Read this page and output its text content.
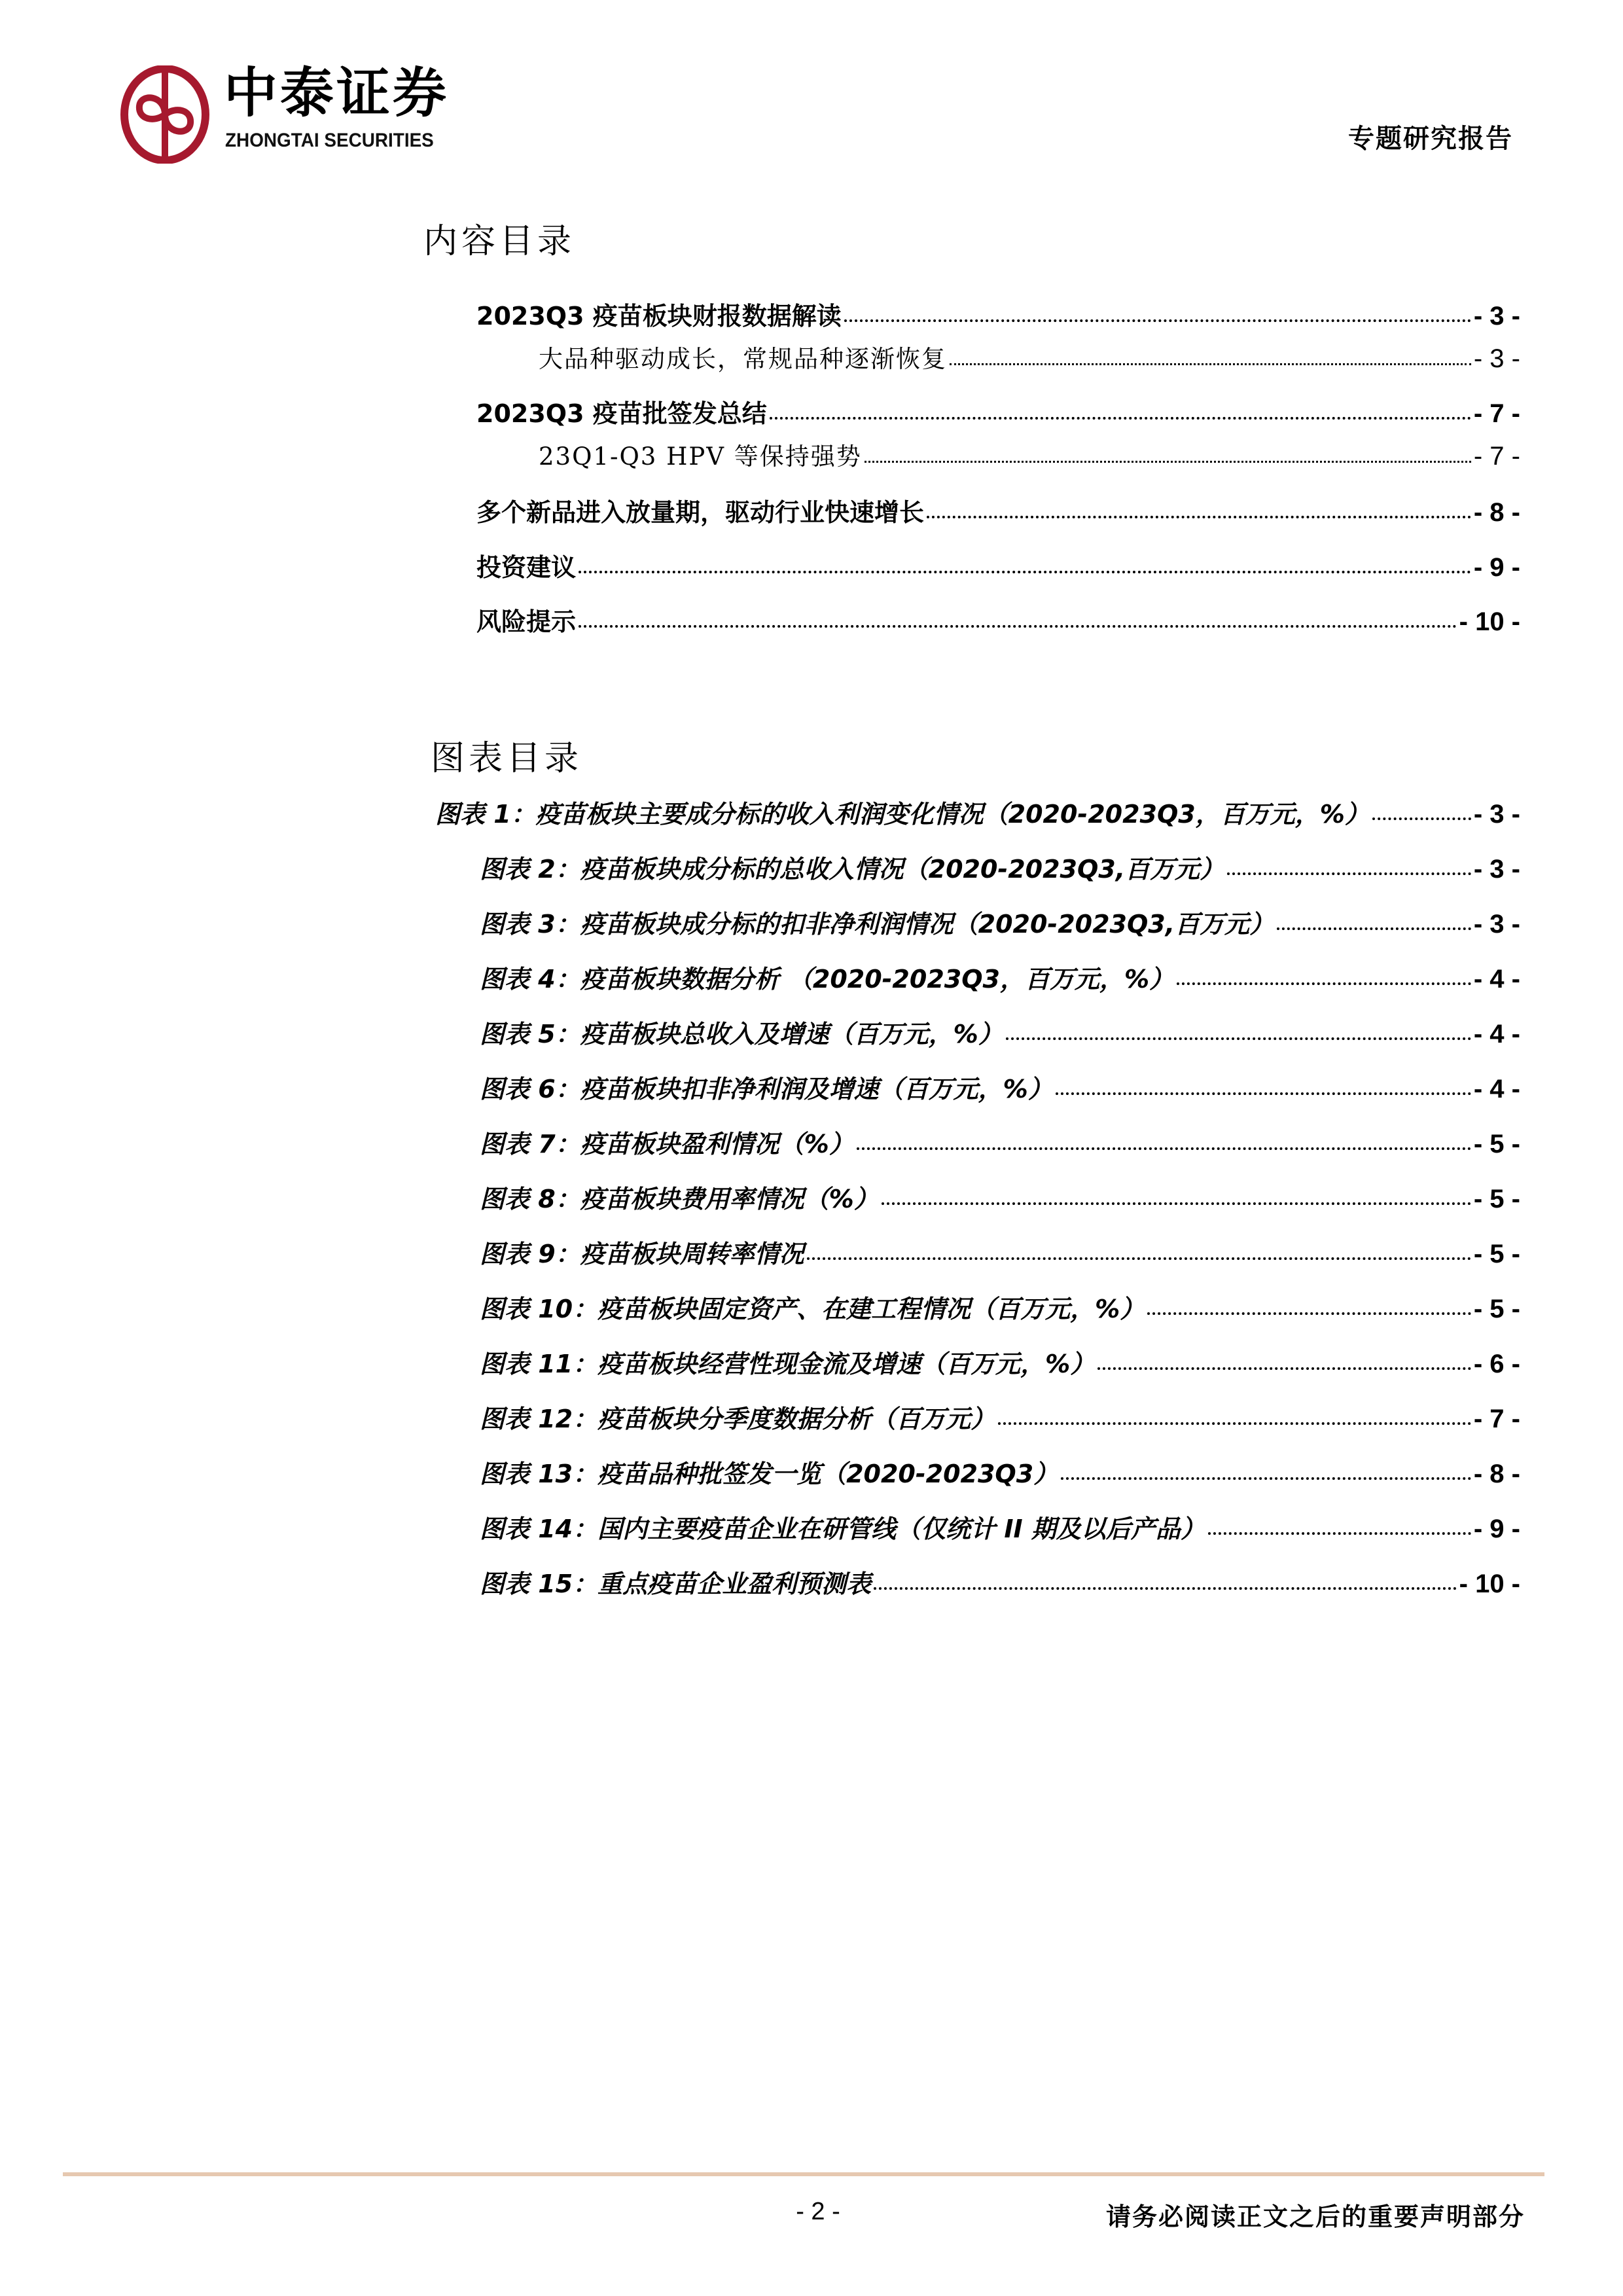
中泰证券
ZHONGTAI SECURITIES	专题研究报告
内容目录
2023Q3 疫苗板块财报数据解读	- 3 -
大品种驱动成长，常规品种逐渐恢复	- 3 -
2023Q3 疫苗批签发总结	- 7 -
23Q1-Q3 HPV 等保持强势	- 7 -
多个新品进入放量期，驱动行业快速增长	- 8 -
投资建议	- 9 -
风险提示	- 10 -
图表目录
图表 1：疫苗板块主要成分标的收入利润变化情况（2020-2023Q3，百万元，%）	- 3 -
图表 2：疫苗板块成分标的总收入情况（2020-2023Q3,百万元）	- 3 -
图表 3：疫苗板块成分标的扣非净利润情况（2020-2023Q3,百万元）	- 3 -
图表 4：疫苗板块数据分析 （2020-2023Q3，百万元，%）	- 4 -
图表 5：疫苗板块总收入及增速（百万元，%）	- 4 -
图表 6：疫苗板块扣非净利润及增速（百万元，%）	- 4 -
图表 7：疫苗板块盈利情况（%）	- 5 -
图表 8：疫苗板块费用率情况（%）	- 5 -
图表 9：疫苗板块周转率情况	- 5 -
图表 10：疫苗板块固定资产、在建工程情况（百万元，%）	- 5 -
图表 11：疫苗板块经营性现金流及增速（百万元，%）	- 6 -
图表 12：疫苗板块分季度数据分析（百万元）	- 7 -
图表 13：疫苗品种批签发一览（2020-2023Q3）	- 8 -
图表 14：国内主要疫苗企业在研管线（仅统计 II 期及以后产品）	- 9 -
图表 15：重点疫苗企业盈利预测表	- 10 -
- 2 -	请务必阅读正文之后的重要声明部分
